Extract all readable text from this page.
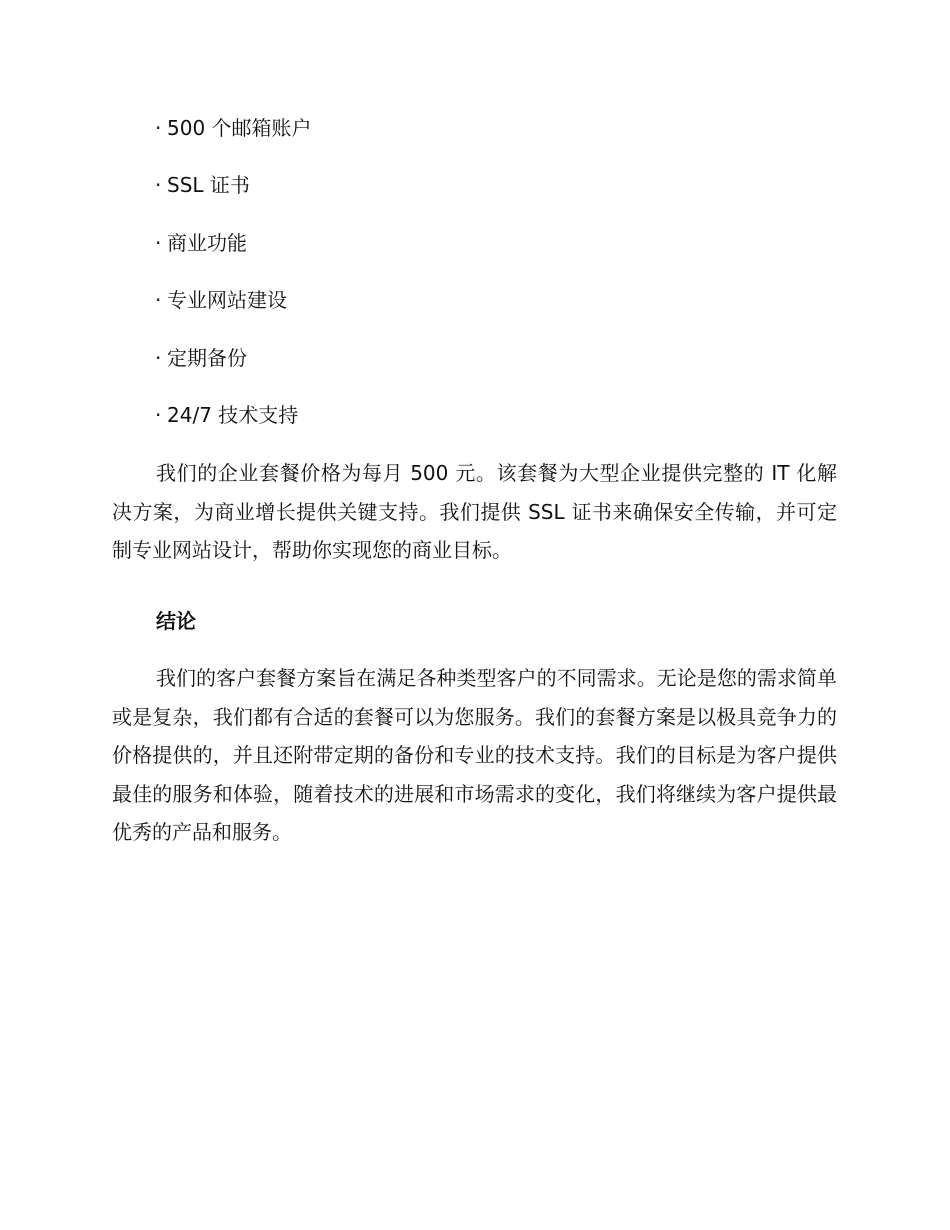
· 500 个邮箱账户
· SSL 证书
· 商业功能
· 专业网站建设
· 定期备份
· 24/7 技术支持

我们的企业套餐价格为每月 500 元。该套餐为大型企业提供完整的 IT 化解决方案，为商业增长提供关键支持。我们提供 SSL 证书来确保安全传输，并可定制专业网站设计，帮助你实现您的商业目标。

结论

我们的客户套餐方案旨在满足各种类型客户的不同需求。无论是您的需求简单或是复杂，我们都有合适的套餐可以为您服务。我们的套餐方案是以极具竞争力的价格提供的，并且还附带定期的备份和专业的技术支持。我们的目标是为客户提供最佳的服务和体验，随着技术的进展和市场需求的变化，我们将继续为客户提供最优秀的产品和服务。
